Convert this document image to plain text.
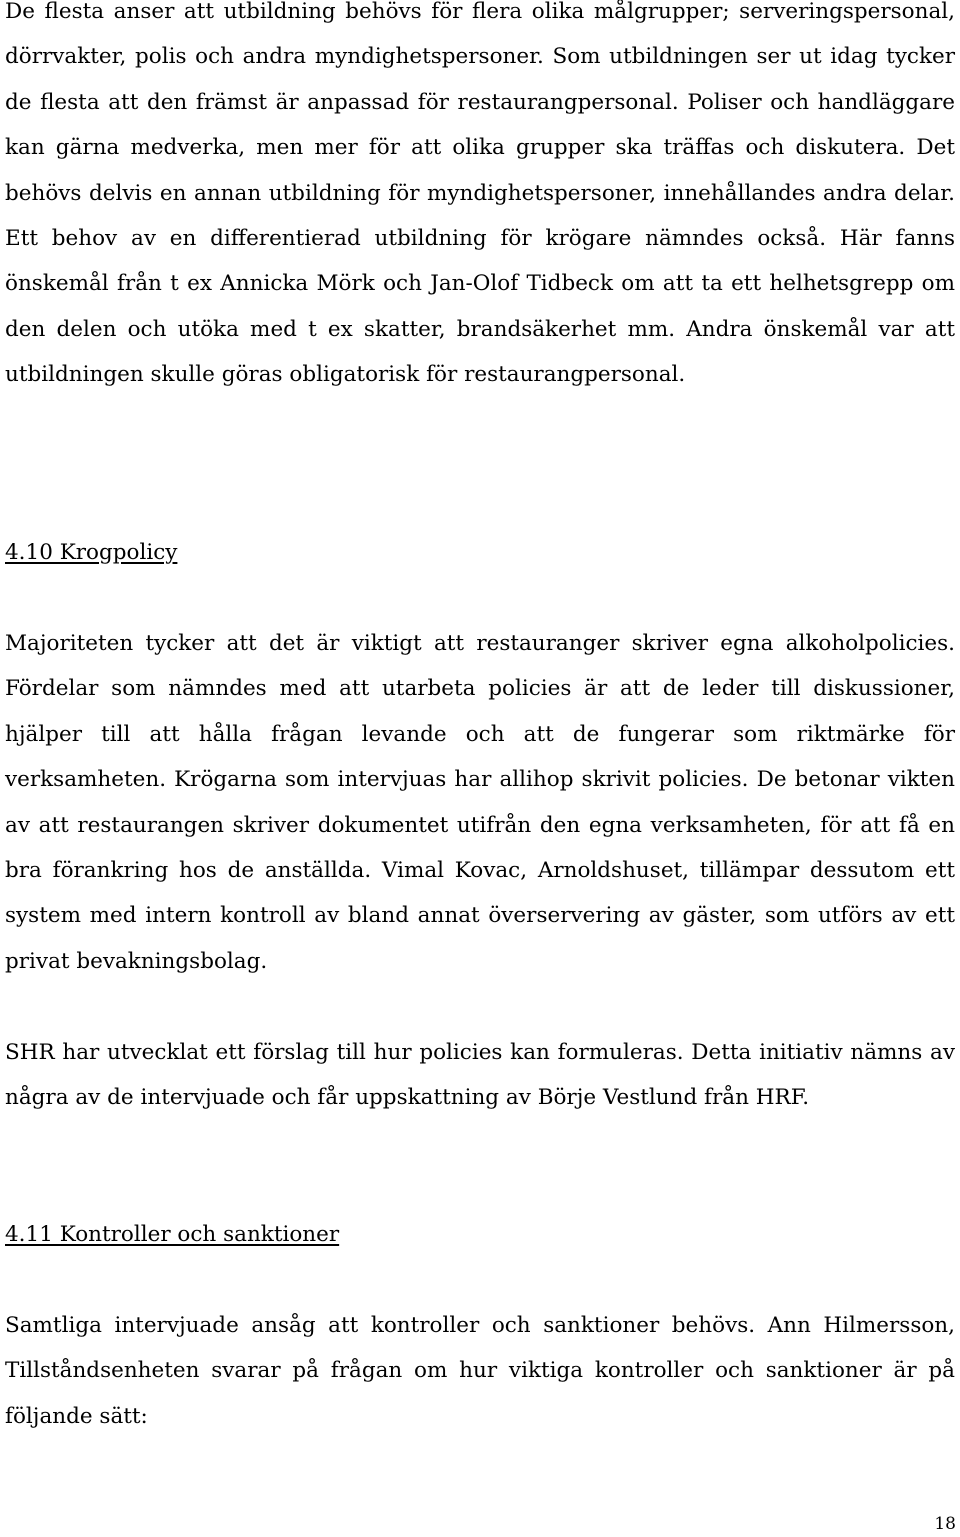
De flesta anser att utbildning behövs för flera olika målgrupper; serveringspersonal, dörrvakter, polis och andra myndighetspersoner. Som utbildningen ser ut idag tycker de flesta att den främst är anpassad för restaurangpersonal. Poliser och handläggare kan gärna medverka, men mer för att olika grupper ska träffas och diskutera. Det behövs delvis en annan utbildning för myndighetspersoner, innehållandes andra delar. Ett behov av en differentierad utbildning för krögare nämndes också. Här fanns önskemål från t ex Annicka Mörk och Jan-Olof Tidbeck om att ta ett helhetsgrepp om den delen och utöka med t ex skatter, brandsäkerhet mm. Andra önskemål var att utbildningen skulle göras obligatorisk för restaurangpersonal.

4.10 Krogpolicy

Majoriteten tycker att det är viktigt att restauranger skriver egna alkoholpolicies. Fördelar som nämndes med att utarbeta policies är att de leder till diskussioner, hjälper till att hålla frågan levande och att de fungerar som riktmärke för verksamheten. Krögarna som intervjuas har allihop skrivit policies. De betonar vikten av att restaurangen skriver dokumentet utifrån den egna verksamheten, för att få en bra förankring hos de anställda. Vimal Kovac, Arnoldshuset, tillämpar dessutom ett system med intern kontroll av bland annat överservering av gäster, som utförs av ett privat bevakningsbolag.

SHR har utvecklat ett förslag till hur policies kan formuleras. Detta initiativ nämns av några av de intervjuade och får uppskattning av Börje Vestlund från HRF.

4.11 Kontroller och sanktioner

Samtliga intervjuade ansåg att kontroller och sanktioner behövs. Ann Hilmersson, Tillståndsenheten svarar på frågan om hur viktiga kontroller och sanktioner är på följande sätt:

18
